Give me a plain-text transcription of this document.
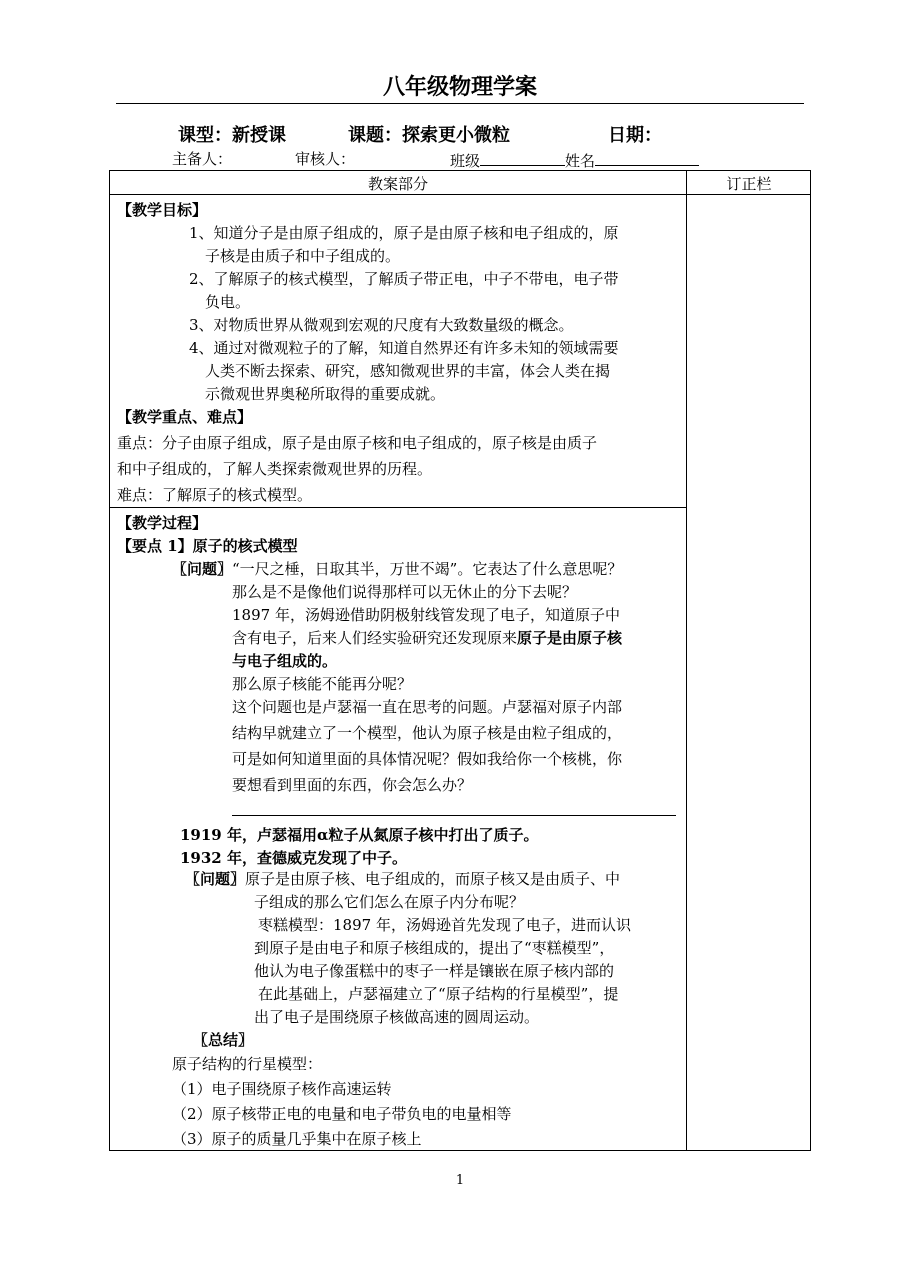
八年级物理学案
课型：新授课	课题：探索更小微粒	日期：
主备人：	审核人：	班级	姓名
教案部分	订正栏
【教学目标】
1、知道分子是由原子组成的，原子是由原子核和电子组成的，原
子核是由质子和中子组成的。
2、了解原子的核式模型，了解质子带正电，中子不带电，电子带
负电。
3、对物质世界从微观到宏观的尺度有大致数量级的概念。
4、通过对微观粒子的了解，知道自然界还有许多未知的领域需要
人类不断去探索、研究，感知微观世界的丰富，体会人类在揭
示微观世界奥秘所取得的重要成就。
【教学重点、难点】
重点：分子由原子组成，原子是由原子核和电子组成的，原子核是由质子
和中子组成的，了解人类探索微观世界的历程。
难点：了解原子的核式模型。
【教学过程】
【要点 1】原子的核式模型
〖问题〗“一尺之棰，日取其半，万世不竭”。它表达了什么意思呢？
那么是不是像他们说得那样可以无休止的分下去呢？
1897 年，汤姆逊借助阴极射线管发现了电子，知道原子中
含有电子，后来人们经实验研究还发现原来原子是由原子核
与电子组成的。
那么原子核能不能再分呢？
这个问题也是卢瑟福一直在思考的问题。卢瑟福对原子内部
结构早就建立了一个模型，他认为原子核是由粒子组成的，
可是如何知道里面的具体情况呢？假如我给你一个核桃，你
要想看到里面的东西，你会怎么办？
1919 年，卢瑟福用α粒子从氮原子核中打出了质子。
1932 年，查德威克发现了中子。
〖问题〗原子是由原子核、电子组成的，而原子核又是由质子、中
子组成的那么它们怎么在原子内分布呢？
枣糕模型：1897 年，汤姆逊首先发现了电子，进而认识
到原子是由电子和原子核组成的，提出了“枣糕模型”，
他认为电子像蛋糕中的枣子一样是镶嵌在原子核内部的
在此基础上，卢瑟福建立了“原子结构的行星模型”，提
出了电子是围绕原子核做高速的圆周运动。
〖总结〗
原子结构的行星模型：
（1）电子围绕原子核作高速运转
（2）原子核带正电的电量和电子带负电的电量相等
（3）原子的质量几乎集中在原子核上
1
